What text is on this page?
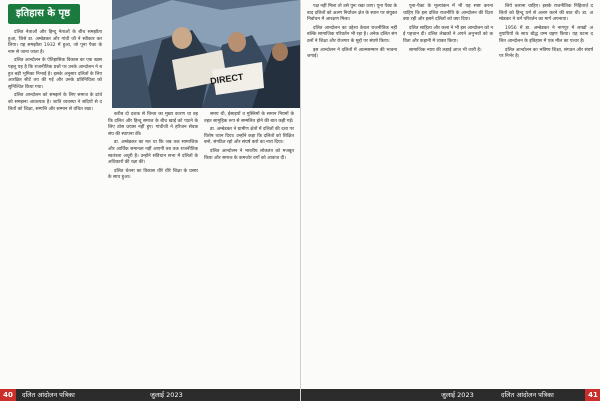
DIRECT
इतिहास के पृष्ठ
दलित नेताओं और हिन्दू नेताओं के बीच समझौता हुआ, जिसे डा. अम्बेडकर और गांधी जी ने स्वीकार कर लिया। यह समझौता 1932 में हुआ, जो पूना पैक्ट के नाम से जाना जाता है।
दलित आन्दोलन के ऐतिहासिक विकास का एक खास पहलू यह है कि राजनीतिक प्रश्नों पर उनके आन्दोलन ने बहुत बड़ी भूमिका निभाई है। इसके अनुसार दलितों के लिए आरक्षित सीटें तय की गईं और उनके प्रतिनिधित्व को सुनिश्चित किया गया।
दलित आन्दोलन को समझने के लिए समाज के ढांचे को समझना आवश्यक है। जाति व्यवस्था ने सदियों से दलितों को शिक्षा, सम्पत्ति और सम्मान से वंचित रखा।
करीब दो दशक से चिन्ता का मुख्य कारण था वह कि दलित और हिन्दू समाज के बीच खाई को पाटने के लिए ठोस प्रयास नहीं हुए। गांधीजी ने हरिजन सेवक संघ की स्थापना की।
डा. अम्बेडकर का मत था कि जब तक सामाजिक और आर्थिक समानता नहीं आएगी तब तक राजनीतिक स्वतंत्रता अधूरी है। उन्होंने संविधान सभा में दलितों के अधिकारों की रक्षा की।
दलित चेतना का विकास धीरे धीरे शिक्षा के प्रसार के साथ हुआ।
समय थी, ईसाइयों व मुस्लिमों के समान नियमों के तहत सामूहिक रूप से सम्मलित होने की बात कही गई।
डा. अम्बेडकर ने ग्रामीण क्षेत्रों में दलितों की दशा पर विशेष ध्यान दिया। उन्होंने कहा कि दलितों को शिक्षित बनो, संगठित रहो और संघर्ष करो का नारा दिया।
दलित आन्दोलन ने भारतीय लोकतंत्र को मजबूत किया और समाज के कमजोर वर्गों को आवाज दी।
40	दलित आंदोलन पत्रिका	जुलाई 2023
पक्ष नहीं मिला तो उसे पुनः रखा जाए। पूना पैक्ट के बाद दलितों को अलग निर्वाचन क्षेत्र के स्थान पर संयुक्त निर्वाचन में आरक्षण मिला।
दलित आन्दोलन का उद्देश्य केवल राजनीतिक नहीं बल्कि सामाजिक परिवर्तन भी रहा है। अनेक दलित संगठनों ने शिक्षा और रोजगार के मुद्दों पर संघर्ष किया।
इस आन्दोलन ने दलितों में आत्मसम्मान की भावना जगाई।
पूना-पैक्ट के मूल्यांकन में भी यह स्पष्ट करना चाहिए कि इस दलित राजनीति के आन्दोलन की दिशा क्या रही और इसने दलितों को क्या दिया।
दलित साहित्य और कला ने भी इस आन्दोलन को नई पहचान दी। दलित लेखकों ने अपने अनुभवों को कविता और कहानी में व्यक्त किया।
सामाजिक न्याय की लड़ाई आज भी जारी है।
लिये चलाना चाहिए। इसके राजनीतिक निहितार्थ दलितों को हिन्दू धर्म से अलग करने की बात थी। डा. अम्बेडकर ने धर्म परिवर्तन का मार्ग अपनाया।
1956 में डा. अम्बेडकर ने नागपुर में लाखों अनुयायियों के साथ बौद्ध धम्म ग्रहण किया। यह घटना दलित आन्दोलन के इतिहास में एक मील का पत्थर है।
दलित आन्दोलन का भविष्य शिक्षा, संगठन और संघर्ष पर निर्भर है।
जुलाई 2023	दलित आंदोलन पत्रिका	41
